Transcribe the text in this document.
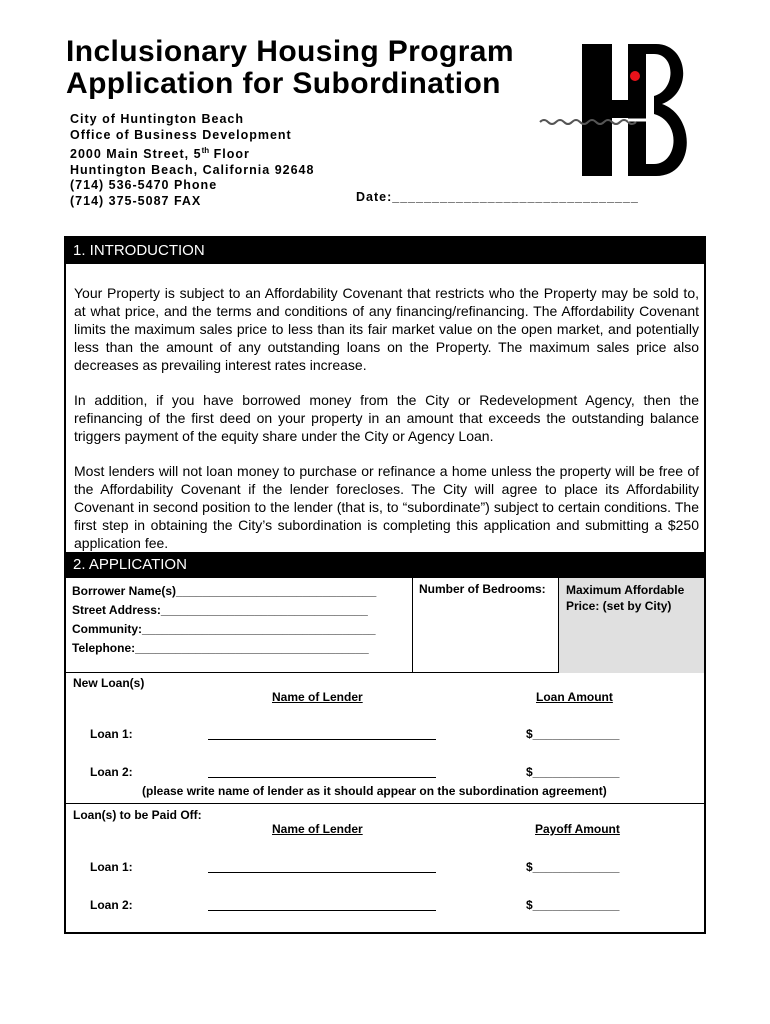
Inclusionary Housing Program
Application for Subordination
City of Huntington Beach
Office of Business Development
2000 Main Street, 5th Floor
Huntington Beach, California 92648
(714) 536-5470 Phone
(714) 375-5087 FAX	Date:_______________________________
1. INTRODUCTION

Your Property is subject to an Affordability Covenant that restricts who the Property may be sold to, at what price, and the terms and conditions of any financing/refinancing. The Affordability Covenant limits the maximum sales price to less than its fair market value on the open market, and potentially less than the amount of any outstanding loans on the Property. The maximum sales price also decreases as prevailing interest rates increase.

In addition, if you have borrowed money from the City or Redevelopment Agency, then the refinancing of the first deed on your property in an amount that exceeds the outstanding balance triggers payment of the equity share under the City or Agency Loan.

Most lenders will not loan money to purchase or refinance a home unless the property will be free of the Affordability Covenant if the lender forecloses. The City will agree to place its Affordability Covenant in second position to the lender (that is, to “subordinate”) subject to certain conditions. The first step in obtaining the City’s subordination is completing this application and submitting a $250 application fee.

2. APPLICATION
Borrower Name(s)______________________________
Street Address:_______________________________
Community:___________________________________
Telephone:___________________________________
Number of Bedrooms:	Maximum Affordable Price: (set by City)
New Loan(s)
Name of Lender	Loan Amount
Loan 1:	$_____________
Loan 2:	$_____________
(please write name of lender as it should appear on the subordination agreement)
Loan(s) to be Paid Off:
Name of Lender	Payoff Amount
Loan 1:	$_____________
Loan 2:	$_____________
